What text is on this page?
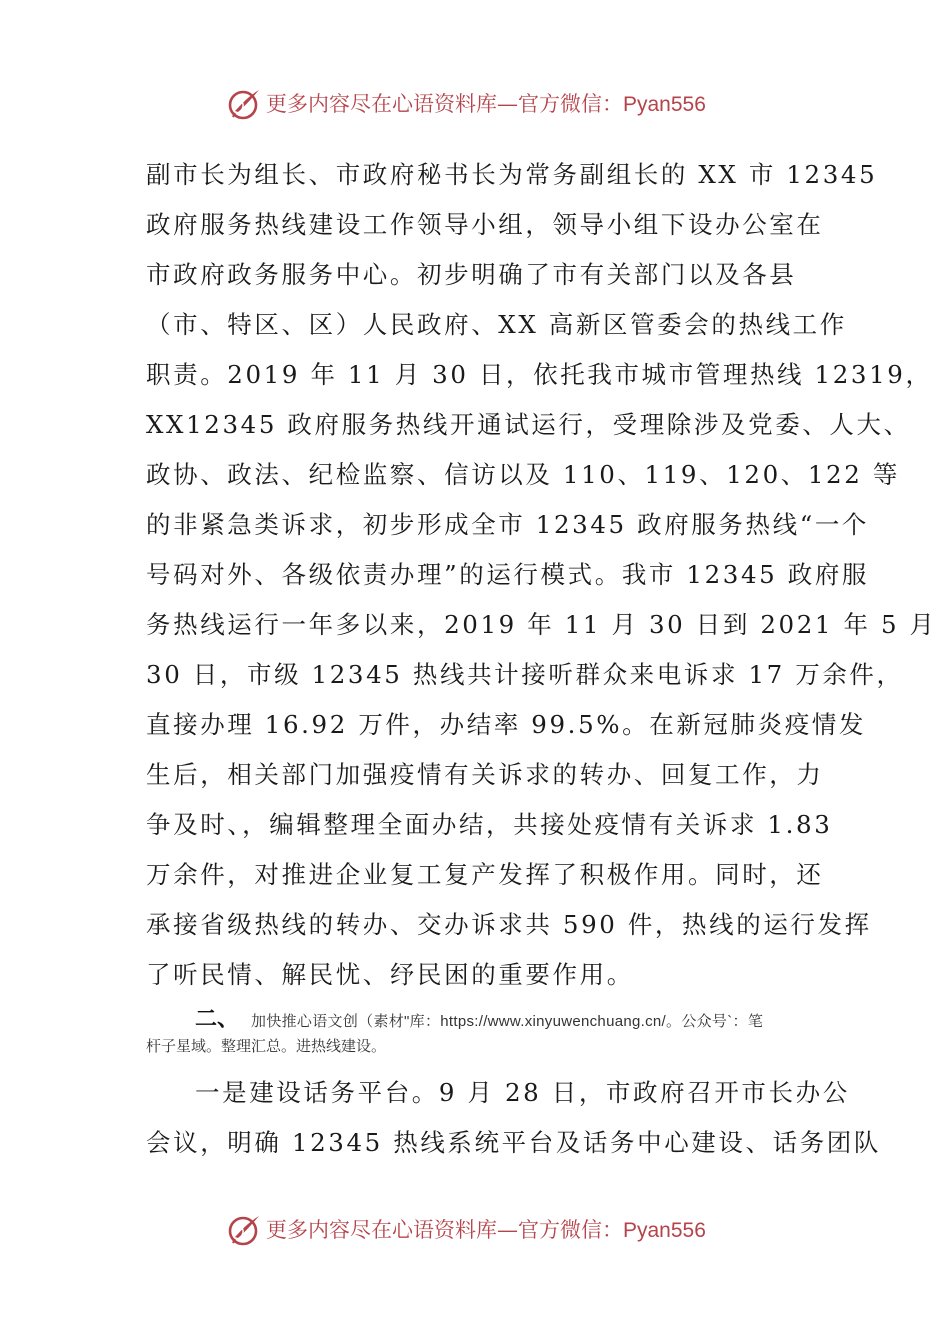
更多内容尽在心语资料库—官方微信：Pyan556
副市长为组长、市政府秘书长为常务副组长的 XX 市 12345
政府服务热线建设工作领导小组，领导小组下设办公室在
市政府政务服务中心。初步明确了市有关部门以及各县
（市、特区、区）人民政府、XX 高新区管委会的热线工作
职责。2019 年 11 月 30 日，依托我市城市管理热线 12319，
XX12345 政府服务热线开通试运行，受理除涉及党委、人大、
政协、政法、纪检监察、信访以及 110、119、120、122 等
的非紧急类诉求，初步形成全市 12345 政府服务热线“一个
号码对外、各级依责办理”的运行模式。我市 12345 政府服
务热线运行一年多以来，2019 年 11 月 30 日到 2021 年 5 月
30 日，市级 12345 热线共计接听群众来电诉求 17 万余件，
直接办理 16.92 万件，办结率 99.5%。在新冠肺炎疫情发
生后，相关部门加强疫情有关诉求的转办、回复工作，力
争及时、，编辑整理全面办结，共接处疫情有关诉求 1.83
万余件，对推进企业复工复产发挥了积极作用。同时，还
承接省级热线的转办、交办诉求共 590 件，热线的运行发挥
了听民情、解民忧、纾民困的重要作用。
二、 加快推心语文创（素材"库：https://www.xinyuwenchuang.cn/。公众号`：笔
杆子星域。整理汇总。进热线建设。
一是建设话务平台。9 月 28 日，市政府召开市长办公
会议，明确 12345 热线系统平台及话务中心建设、话务团队
更多内容尽在心语资料库—官方微信：Pyan556
